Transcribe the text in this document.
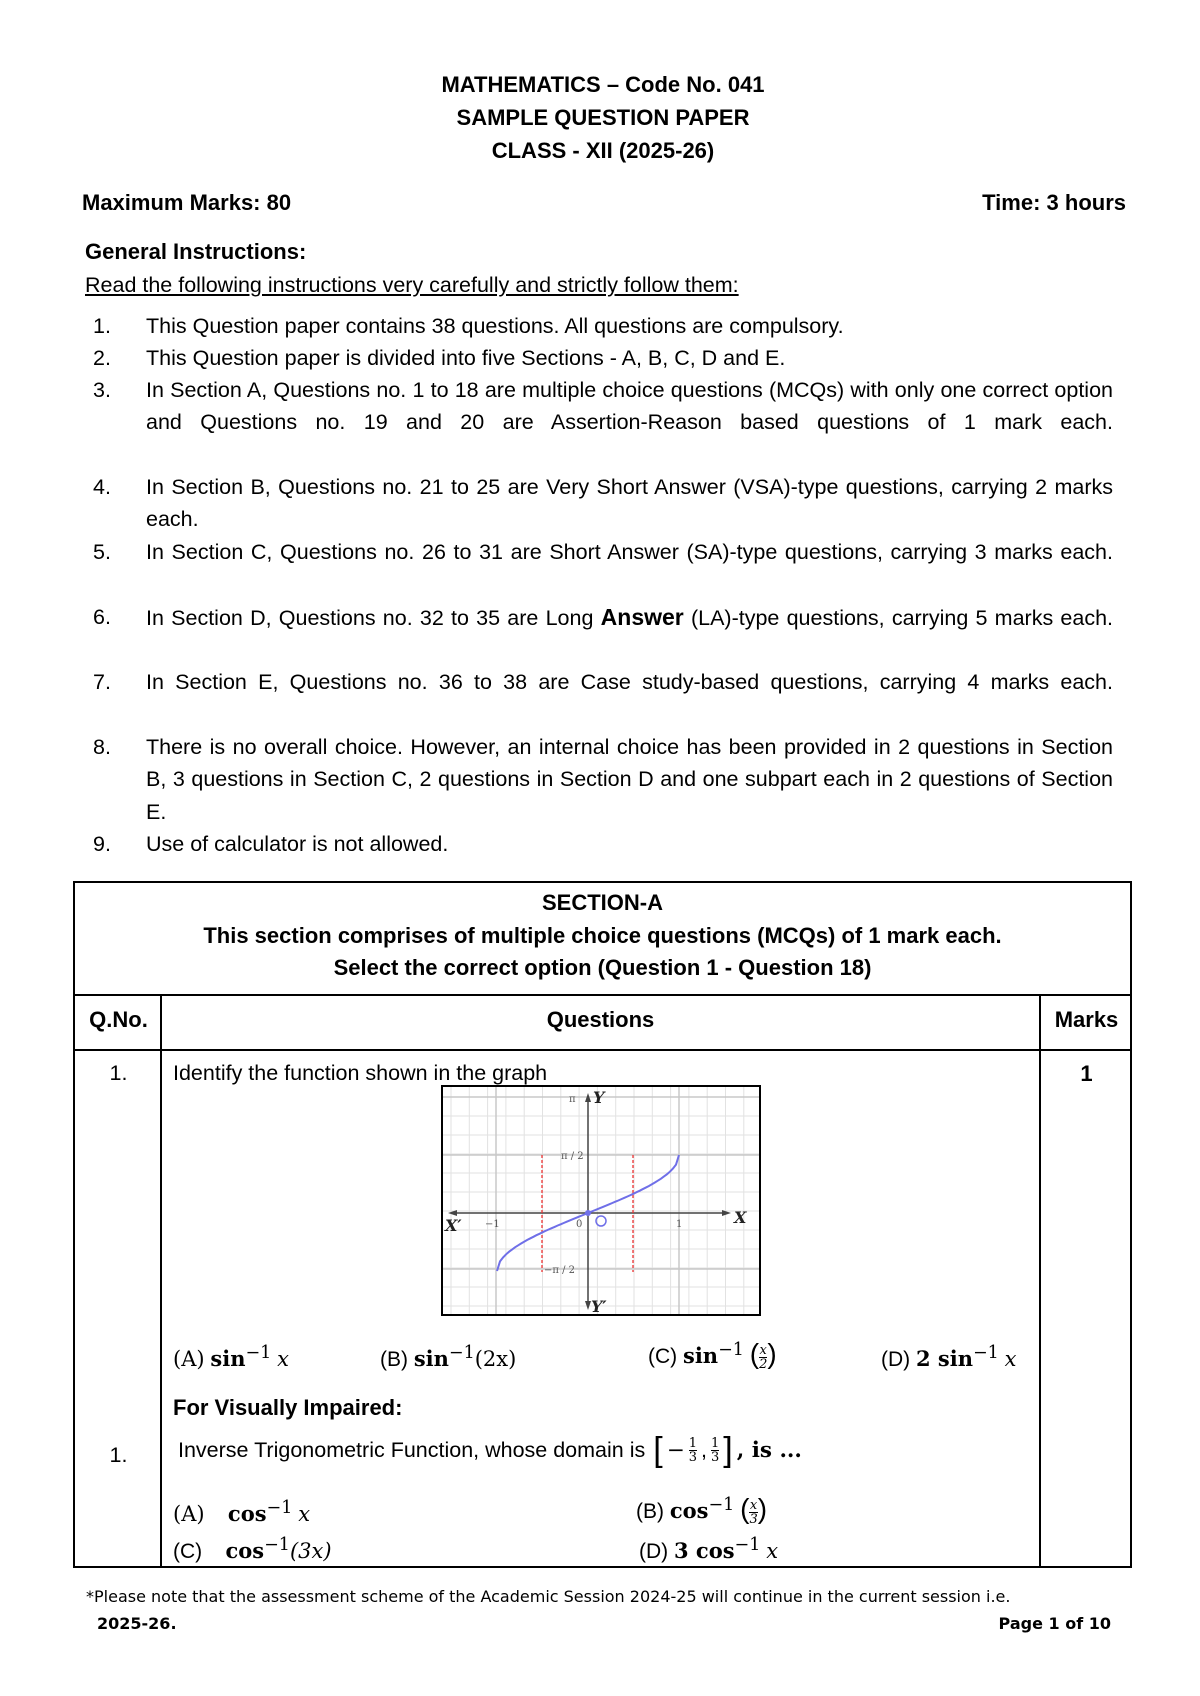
MATHEMATICS – Code No. 041
SAMPLE QUESTION PAPER
CLASS - XII (2025-26)
Maximum Marks: 80	Time: 3 hours
General Instructions:
Read the following instructions very carefully and strictly follow them:
1. This Question paper contains 38 questions. All questions are compulsory.
2. This Question paper is divided into five Sections - A, B, C, D and E.
3. In Section A, Questions no. 1 to 18 are multiple choice questions (MCQs) with only one correct option and Questions no. 19 and 20 are Assertion-Reason based questions of 1 mark each.
4. In Section B, Questions no. 21 to 25 are Very Short Answer (VSA)-type questions, carrying 2 marks each.
5. In Section C, Questions no. 26 to 31 are Short Answer (SA)-type questions, carrying 3 marks each.
6. In Section D, Questions no. 32 to 35 are Long Answer (LA)-type questions, carrying 5 marks each.
7. In Section E, Questions no. 36 to 38 are Case study-based questions, carrying 4 marks each.
8. There is no overall choice. However, an internal choice has been provided in 2 questions in Section B, 3 questions in Section C, 2 questions in Section D and one subpart each in 2 questions of Section E.
9. Use of calculator is not allowed.
SECTION-A
This section comprises of multiple choice questions (MCQs) of 1 mark each.
Select the correct option (Question 1 - Question 18)
Q.No.	Questions	Marks
1.	Identify the function shown in the graph	1
π
π / 2
−1	0	1
−π / 2
Y
X′	X
Y′
(A) $\sin^{-1} x$	(B) $\sin^{-1}(2x)$	(C) $\sin^{-1}$ ( $\frac{x}{2}$ )	(D) 2 $\sin^{-1} x$
For Visually Impaired:
1.	Inverse Trigonometric Function, whose domain is [ − $\frac{1}{3}$ , $\frac{1}{3}$ ] , is ...
(A) $\cos^{-1} x$	(B) $\cos^{-1}$ ( $\frac{x}{3}$ )
(C) $\cos^{-1}(3x)$	(D) 3 $\cos^{-1} x$
*Please note that the assessment scheme of the Academic Session 2024-25 will continue in the current session i.e.
2025-26.	Page 1 of 10
